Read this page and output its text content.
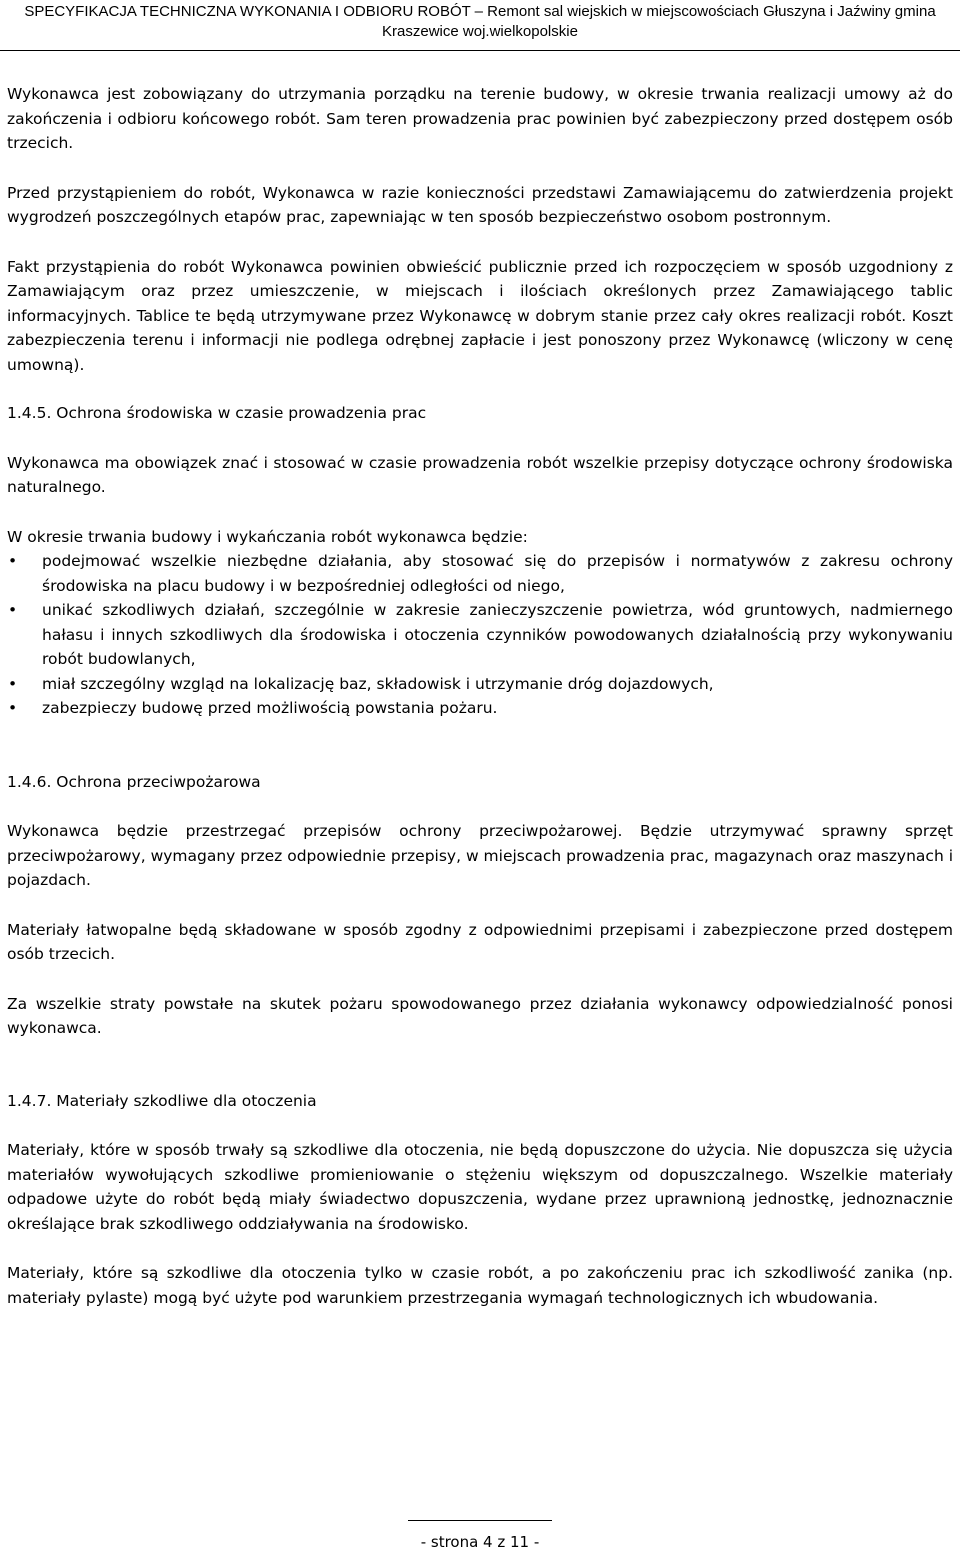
SPECYFIKACJA TECHNICZNA WYKONANIA I ODBIORU ROBÓT – Remont sal wiejskich w miejscowościach Głuszyna i Jaźwiny gmina
Kraszewice woj.wielkopolskie

Wykonawca jest zobowiązany do utrzymania porządku na terenie budowy, w okresie trwania realizacji umowy aż do zakończenia i odbioru końcowego robót. Sam teren prowadzenia prac powinien być zabezpieczony przed dostępem osób trzecich.

Przed przystąpieniem do robót, Wykonawca w razie konieczności przedstawi Zamawiającemu do zatwierdzenia projekt wygrodzeń poszczególnych etapów prac, zapewniając w ten sposób bezpieczeństwo osobom postronnym.

Fakt przystąpienia do robót Wykonawca powinien obwieścić publicznie przed ich rozpoczęciem w sposób uzgodniony z Zamawiającym oraz przez umieszczenie, w miejscach i ilościach określonych przez Zamawiającego tablic informacyjnych. Tablice te będą utrzymywane przez Wykonawcę w dobrym stanie przez cały okres realizacji robót. Koszt zabezpieczenia terenu i informacji nie podlega odrębnej zapłacie i jest ponoszony przez Wykonawcę (wliczony w cenę umowną).

1.4.5. Ochrona środowiska w czasie prowadzenia prac

Wykonawca ma obowiązek znać i stosować w czasie prowadzenia robót wszelkie przepisy dotyczące ochrony środowiska naturalnego.

W okresie trwania budowy i wykańczania robót wykonawca będzie:

• podejmować wszelkie niezbędne działania, aby stosować się do przepisów i normatywów z zakresu ochrony środowiska na placu budowy i w bezpośredniej odległości od niego,
• unikać szkodliwych działań, szczególnie w zakresie zanieczyszczenie powietrza, wód gruntowych, nadmiernego hałasu i innych szkodliwych dla środowiska i otoczenia czynników powodowanych działalnością przy wykonywaniu robót budowlanych,
• miał szczególny wzgląd na lokalizację baz, składowisk i utrzymanie dróg dojazdowych,
• zabezpieczy budowę przed możliwością powstania pożaru.
1.4.6. Ochrona przeciwpożarowa

Wykonawca będzie przestrzegać przepisów ochrony przeciwpożarowej. Będzie utrzymywać sprawny sprzęt przeciwpożarowy, wymagany przez odpowiednie przepisy, w miejscach prowadzenia prac, magazynach oraz maszynach i pojazdach.

Materiały łatwopalne będą składowane w sposób zgodny z odpowiednimi przepisami i zabezpieczone przed dostępem osób trzecich.

Za wszelkie straty powstałe na skutek pożaru spowodowanego przez działania wykonawcy odpowiedzialność ponosi wykonawca.

1.4.7. Materiały szkodliwe dla otoczenia

Materiały, które w sposób trwały są szkodliwe dla otoczenia, nie będą dopuszczone do użycia. Nie dopuszcza się użycia materiałów wywołujących szkodliwe promieniowanie o stężeniu większym od dopuszczalnego. Wszelkie materiały odpadowe użyte do robót będą miały świadectwo dopuszczenia, wydane przez uprawnioną jednostkę, jednoznacznie określające brak szkodliwego oddziaływania na środowisko.

Materiały, które są szkodliwe dla otoczenia tylko w czasie robót, a po zakończeniu prac ich szkodliwość zanika (np. materiały pylaste) mogą być użyte pod warunkiem przestrzegania wymagań technologicznych ich wbudowania.

- strona 4 z 11 -
